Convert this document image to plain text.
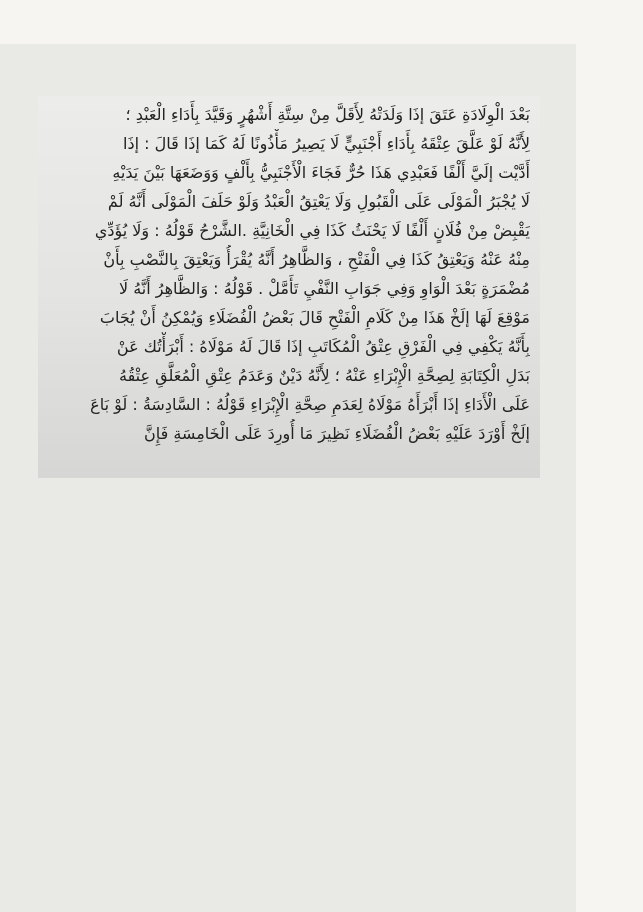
بَعْدَ الْوِلَادَةِ عَتَقَ إذَا وَلَدَتْهُ لِأَقَلَّ مِنْ سِتَّةِ أَشْهُرٍ وَقَيَّدَ بِأَدَاءِ الْعَبْدِ ؛
لِأَنَّهُ لَوْ عَلَّقَ عِتْقَهُ بِأَدَاءِ أَجْنَبِيٍّ لَا يَصِيرُ مَأْذُونًا لَهُ كَمَا إذَا قَالَ : إذَا
أَدَّيْت إلَيَّ أَلْفًا فَعَبْدِي هَذَا حُرٌّ فَجَاءَ الْأَجْنَبِيُّ بِأَلْفٍ وَوَضَعَهَا بَيْنَ يَدَيْهِ
لَا يُجْبَرُ الْمَوْلَى عَلَى الْقَبُولِ وَلَا يَعْتِقُ الْعَبْدُ وَلَوْ حَلَفَ الْمَوْلَى أَنَّهُ لَمْ
يَقْبِضْ مِنْ فُلَانٍ أَلْفًا لَا يَحْنَثُ كَذَا فِي الْخَانِيَّةِ .الشَّرْحُ قَوْلُهُ : وَلَا يُؤَدِّي
مِنْهُ عَنْهُ وَيَعْتِقُ كَذَا فِي الْفَتْحِ ، وَالظَّاهِرُ أَنَّهُ يُقْرَأُ وَيَعْتِقَ بِالنَّصْبِ بِأَنْ
مُضْمَرَةٍ بَعْدَ الْوَاوِ وَفِي جَوَابِ النَّفْيِ تَأَمَّلْ . قَوْلُهُ : وَالظَّاهِرُ أَنَّهُ لَا
مَوْقِعَ لَهَا إلَخْ هَذَا مِنْ كَلَامِ الْفَتْحِ قَالَ بَعْضُ الْفُضَلَاءِ وَيُمْكِنُ أَنْ يُجَابَ
بِأَنَّهُ يَكْفِي فِي الْفَرْقِ عِتْقُ الْمُكَاتَبِ إذَا قَالَ لَهُ مَوْلَاهُ : أَبْرَأْتُك عَنْ
بَدَلِ الْكِتَابَةِ لِصِحَّةِ الْإِبْرَاءِ عَنْهُ ؛ لِأَنَّهُ دَيْنٌ وَعَدَمُ عِتْقِ الْمُعَلَّقِ عِتْقُهُ
عَلَى الْأَدَاءِ إذَا أَبْرَأَهُ مَوْلَاهُ لِعَدَمِ صِحَّةِ الْإِبْرَاءِ قَوْلُهُ : السَّادِسَةُ : لَوْ بَاعَ
إلَخْ أَوْرَدَ عَلَيْهِ بَعْضُ الْفُضَلَاءِ نَظِيرَ مَا أُورِدَ عَلَى الْخَامِسَةِ فَإِنَّ
